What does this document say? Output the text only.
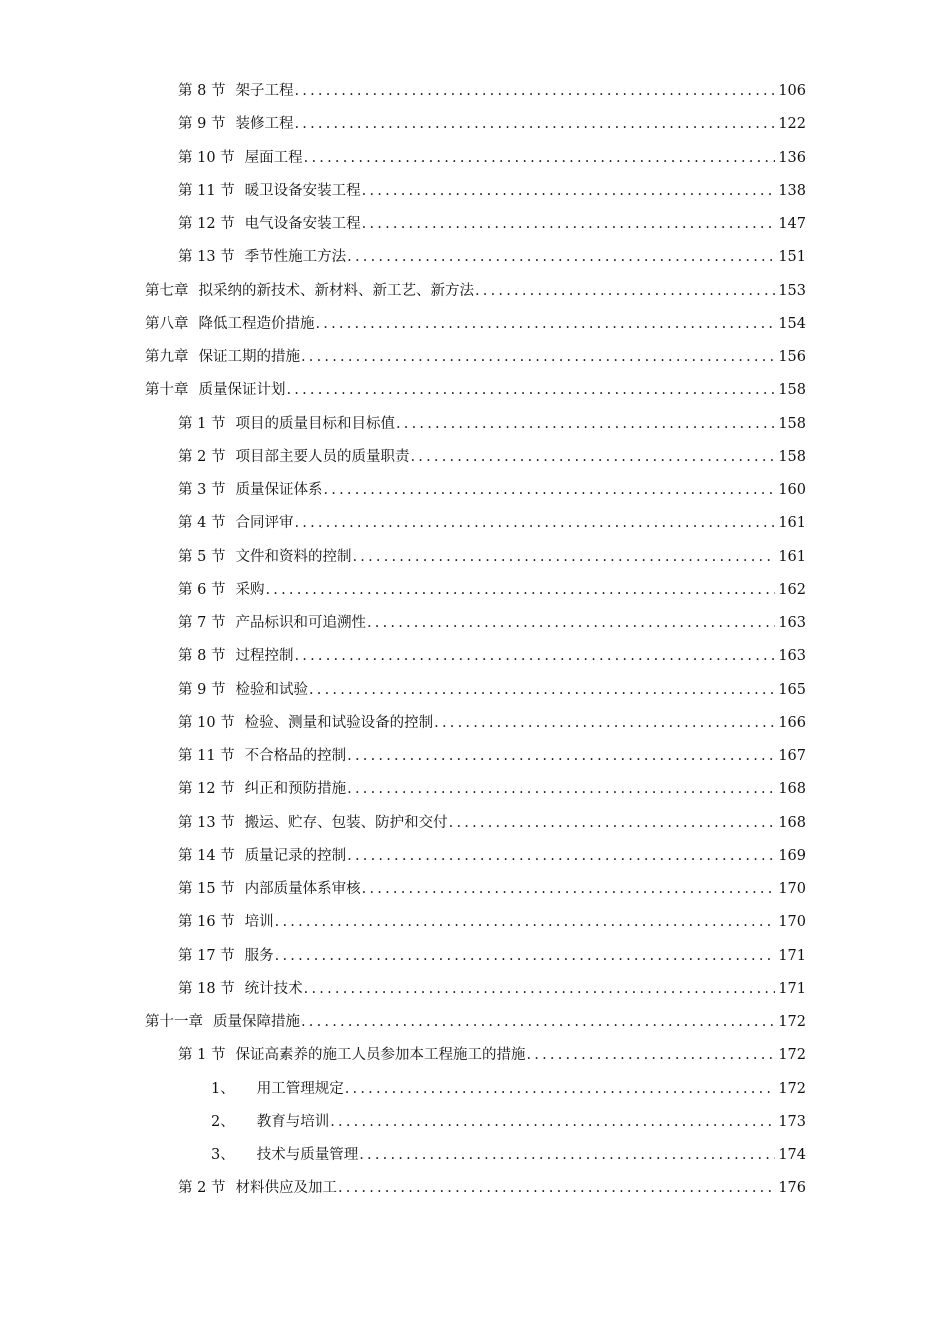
第 8 节 架子工程 .....	106
第 9 节 装修工程 .....	122
第 10 节 屋面工程 .....	136
第 11 节 暖卫设备安装工程 .....	138
第 12 节 电气设备安装工程 .....	147
第 13 节 季节性施工方法 .....	151
第七章 拟采纳的新技术、新材料、新工艺、新方法 .....	153
第八章 降低工程造价措施 .....	154
第九章 保证工期的措施 .....	156
第十章 质量保证计划 .....	158
第 1 节 项目的质量目标和目标值 .....	158
第 2 节 项目部主要人员的质量职责 .....	158
第 3 节 质量保证体系 .....	160
第 4 节 合同评审 .....	161
第 5 节 文件和资料的控制 .....	161
第 6 节 采购 .....	162
第 7 节 产品标识和可追溯性 .....	163
第 8 节 过程控制 .....	163
第 9 节 检验和试验 .....	165
第 10 节 检验、测量和试验设备的控制 .....	166
第 11 节 不合格品的控制 .....	167
第 12 节 纠正和预防措施 .....	168
第 13 节 搬运、贮存、包装、防护和交付 .....	168
第 14 节 质量记录的控制 .....	169
第 15 节 内部质量体系审核 .....	170
第 16 节 培训 .....	170
第 17 节 服务 .....	171
第 18 节 统计技术 .....	171
第十一章 质量保障措施 .....	172
第 1 节 保证高素养的施工人员参加本工程施工的措施 .....	172
1、 用工管理规定 .....	172
2、 教育与培训 .....	173
3、 技术与质量管理 .....	174
第 2 节 材料供应及加工 .....	176
